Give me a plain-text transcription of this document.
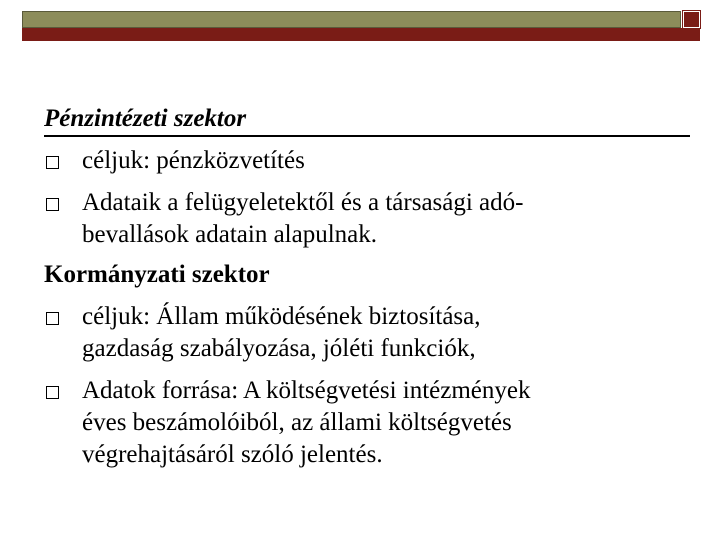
Pénzintézeti szektor
céljuk: pénzközvetítés
Adataik a felügyeletektől és a társasági adó-
bevallások adatain alapulnak.
Kormányzati szektor
céljuk: Állam működésének biztosítása,
gazdaság szabályozása, jóléti funkciók,
Adatok forrása: A költségvetési intézmények
éves beszámolóiból, az állami költségvetés
végrehajtásáról szóló jelentés.
